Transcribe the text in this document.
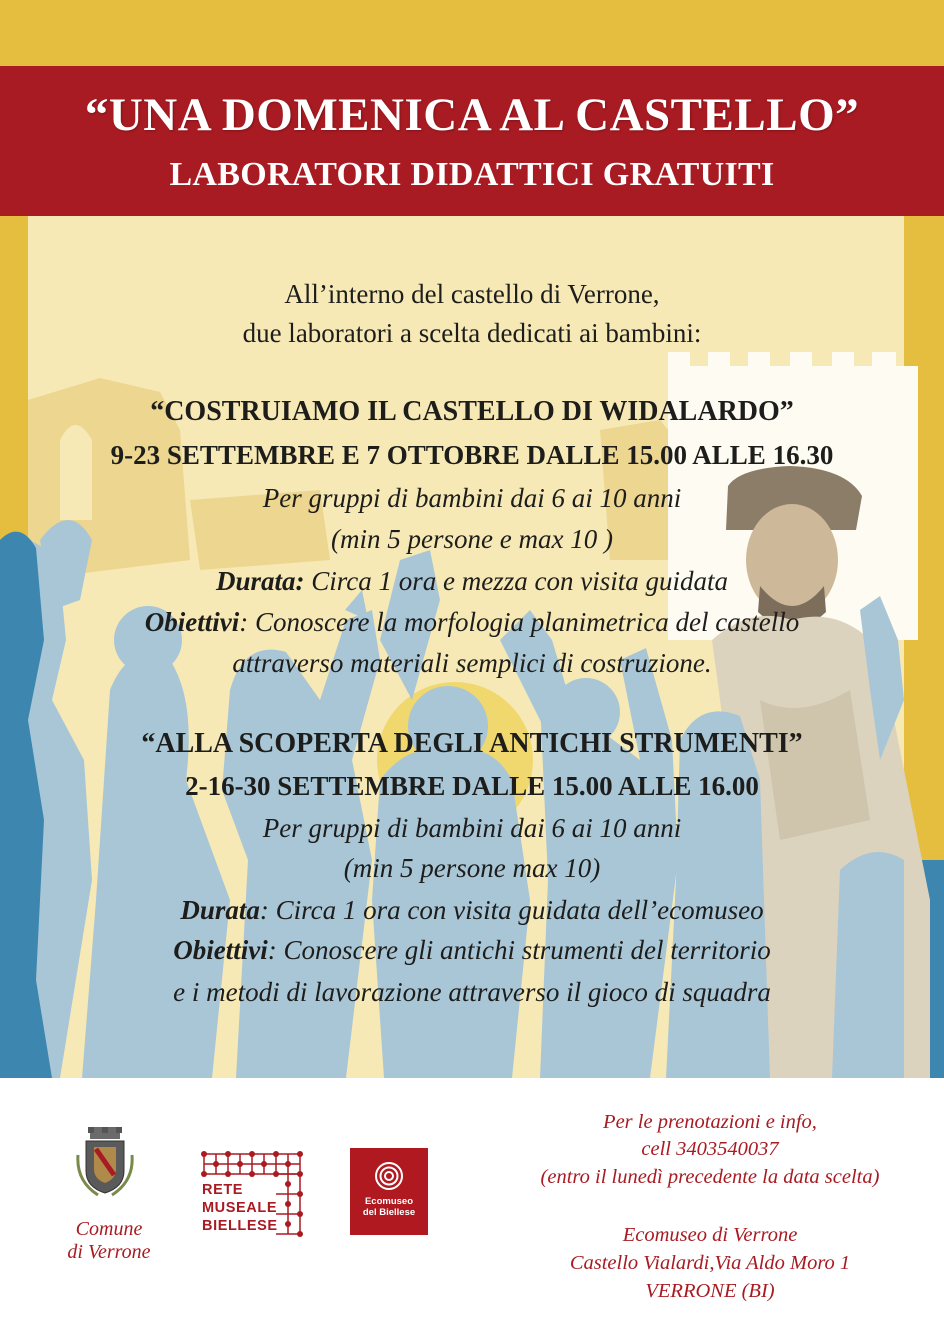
“UNA DOMENICA AL CASTELLO”
LABORATORI DIDATTICI GRATUITI
All’interno del castello di Verrone,
due laboratori a scelta dedicati ai bambini:
“COSTRUIAMO IL CASTELLO DI WIDALARDO”
9-23 SETTEMBRE E 7 OTTOBRE DALLE 15.00 ALLE 16.30
Per gruppi di bambini dai 6 ai 10 anni
(min 5 persone e max 10 )
Durata: Circa 1 ora e mezza con visita guidata
Obiettivi: Conoscere la morfologia planimetrica del castello
attraverso materiali semplici di costruzione.
“ALLA SCOPERTA DEGLI ANTICHI STRUMENTI”
2-16-30 SETTEMBRE DALLE 15.00 ALLE 16.00
Per gruppi di bambini dai 6 ai 10 anni
(min 5 persone max 10)
Durata: Circa 1 ora con visita guidata dell’ecomuseo
Obiettivi: Conoscere gli antichi strumenti del territorio
e i metodi di lavorazione attraverso il gioco di squadra
Comune
di Verrone
RETE
MUSEALE
BIELLESE
Ecomuseo
del Biellese
Per le prenotazioni e info,
cell 3403540037
(entro il lunedì precedente la data scelta)
Ecomuseo di Verrone
Castello Vialardi,Via Aldo Moro 1
VERRONE (BI)
